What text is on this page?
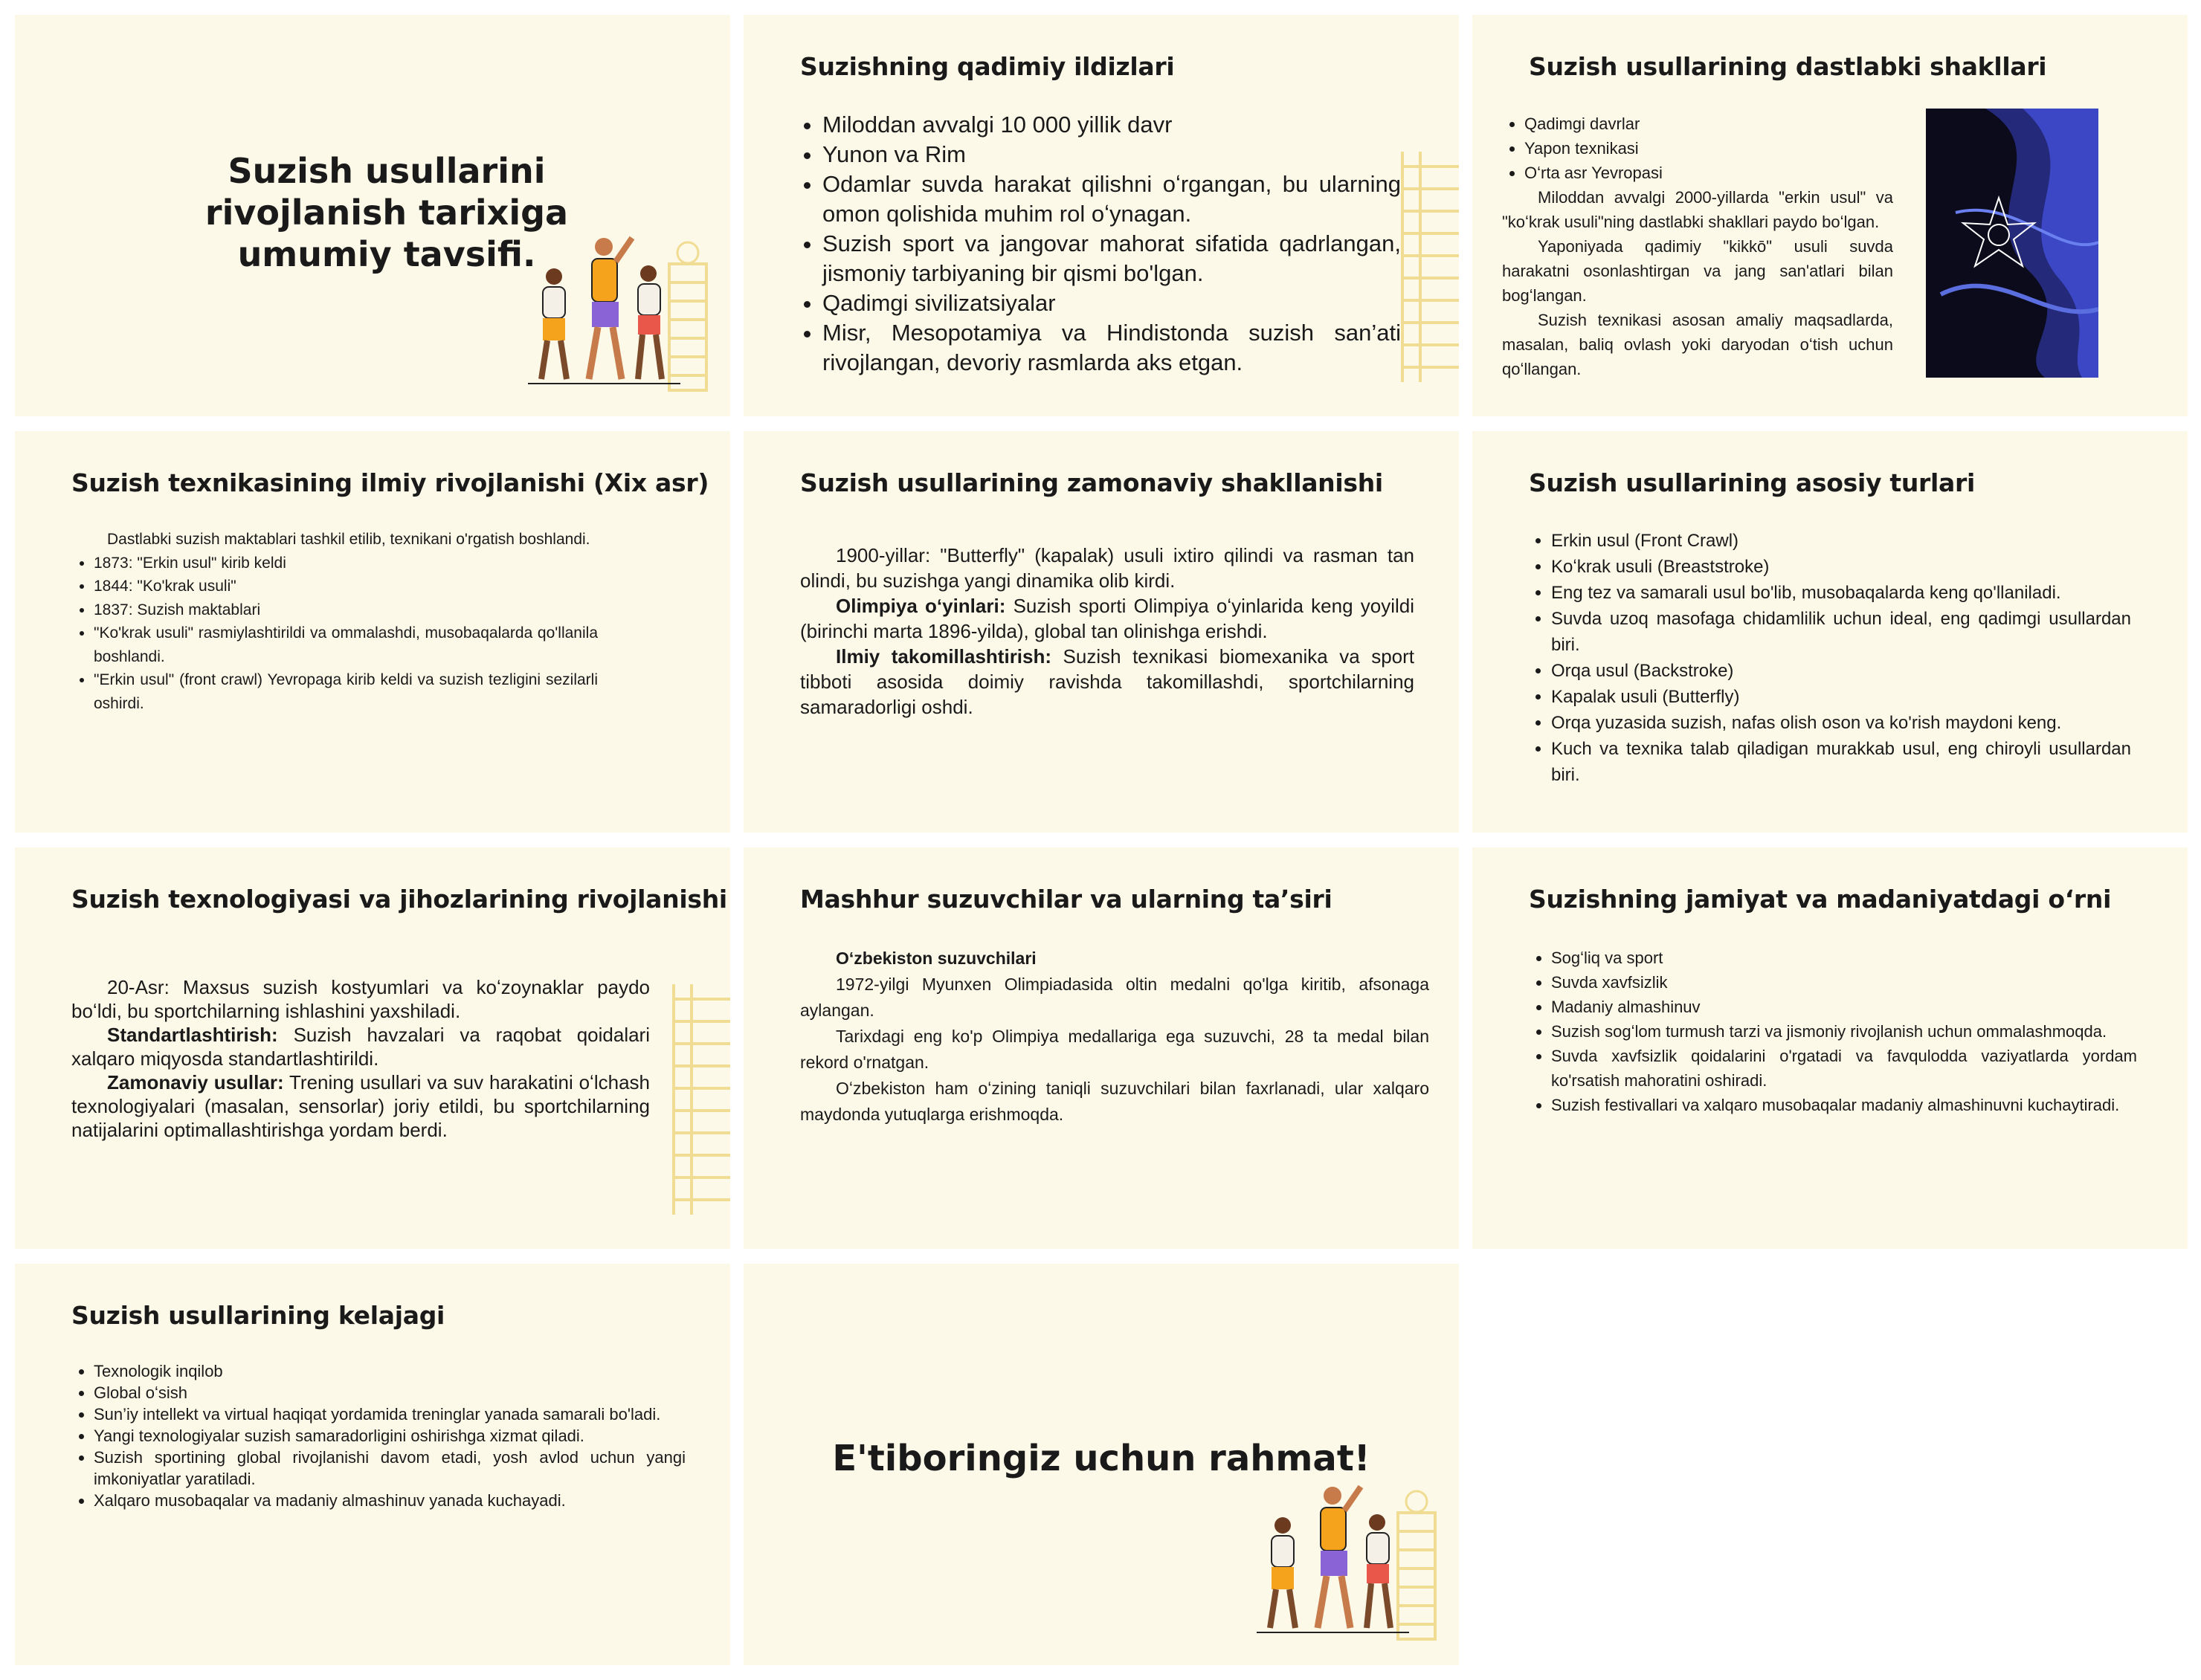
Suzish usullarini rivojlanish tarixiga umumiy tavsifi.
Suzishning qadimiy ildizlari
• Miloddan avvalgi 10 000 yillik davr
• Yunon va Rim
• Odamlar suvda harakat qilishni oʻrgangan, bu ularning omon qolishida muhim rol oʻynagan.
• Suzish sport va jangovar mahorat sifatida qadrlangan, jismoniy tarbiyaning bir qismi bo'lgan.
• Qadimgi sivilizatsiyalar
• Misr, Mesopotamiya va Hindistonda suzish san’ati rivojlangan, devoriy rasmlarda aks etgan.
Suzish usullarining dastlabki shakllari
• Qadimgi davrlar
• Yapon texnikasi
• Oʻrta asr Yevropasi

Miloddan avvalgi 2000-yillarda "erkin usul" va "koʻkrak usuli"ning dastlabki shakllari paydo boʻlgan.

Yaponiyada qadimiy "kikkō" usuli suvda harakatni osonlashtirgan va jang san'atlari bilan bogʻlangan.

Suzish texnikasi asosan amaliy maqsadlarda, masalan, baliq ovlash yoki daryodan oʻtish uchun qoʻllangan.

Suzish texnikasining ilmiy rivojlanishi (Xix asr)

Dastlabki suzish maktablari tashkil etilib, texnikani o'rgatish boshlandi.

• 1873: "Erkin usul" kirib keldi
• 1844: "Ko'krak usuli"
• 1837: Suzish maktablari
• "Ko'krak usuli" rasmiylashtirildi va ommalashdi, musobaqalarda qo'llanila boshlandi.
• "Erkin usul" (front crawl) Yevropaga kirib keldi va suzish tezligini sezilarli oshirdi.
Suzish usullarining zamonaviy shakllanishi

1900-yillar: "Butterfly" (kapalak) usuli ixtiro qilindi va rasman tan olindi, bu suzishga yangi dinamika olib kirdi.

Olimpiya oʻyinlari: Suzish sporti Olimpiya oʻyinlarida keng yoyildi (birinchi marta 1896-yilda), global tan olinishga erishdi.

Ilmiy takomillashtirish: Suzish texnikasi biomexanika va sport tibboti asosida doimiy ravishda takomillashdi, sportchilarning samaradorligi oshdi.

Suzish usullarining asosiy turlari
• Erkin usul (Front Crawl)
• Koʻkrak usuli (Breaststroke)
• Eng tez va samarali usul bo'lib, musobaqalarda keng qo'llaniladi.
• Suvda uzoq masofaga chidamlilik uchun ideal, eng qadimgi usullardan biri.
• Orqa usul (Backstroke)
• Kapalak usuli (Butterfly)
• Orqa yuzasida suzish, nafas olish oson va ko'rish maydoni keng.
• Kuch va texnika talab qiladigan murakkab usul, eng chiroyli usullardan biri.
Suzish texnologiyasi va jihozlarining rivojlanishi

20-Asr: Maxsus suzish kostyumlari va koʻzoynaklar paydo boʻldi, bu sportchilarning ishlashini yaxshiladi.

Standartlashtirish: Suzish havzalari va raqobat qoidalari xalqaro miqyosda standartlashtirildi.

Zamonaviy usullar: Trening usullari va suv harakatini oʻlchash texnologiyalari (masalan, sensorlar) joriy etildi, bu sportchilarning natijalarini optimallashtirishga yordam berdi.

Mashhur suzuvchilar va ularning ta’siri

Oʻzbekiston suzuvchilari

1972-yilgi Myunxen Olimpiadasida oltin medalni qo'lga kiritib, afsonaga aylangan.

Tarixdagi eng ko'p Olimpiya medallariga ega suzuvchi, 28 ta medal bilan rekord o'rnatgan.

Oʻzbekiston ham oʻzining taniqli suzuvchilari bilan faxrlanadi, ular xalqaro maydonda yutuqlarga erishmoqda.

Suzishning jamiyat va madaniyatdagi oʻrni
• Sogʻliq va sport
• Suvda xavfsizlik
• Madaniy almashinuv
• Suzish sogʻlom turmush tarzi va jismoniy rivojlanish uchun ommalashmoqda.
• Suvda xavfsizlik qoidalarini o'rgatadi va favqulodda vaziyatlarda yordam ko'rsatish mahoratini oshiradi.
• Suzish festivallari va xalqaro musobaqalar madaniy almashinuvni kuchaytiradi.
Suzish usullarining kelajagi
• Texnologik inqilob
• Global oʻsish
• Sun’iy intellekt va virtual haqiqat yordamida treninglar yanada samarali bo'ladi.
• Yangi texnologiyalar suzish samaradorligini oshirishga xizmat qiladi.
• Suzish sportining global rivojlanishi davom etadi, yosh avlod uchun yangi imkoniyatlar yaratiladi.
• Xalqaro musobaqalar va madaniy almashinuv yanada kuchayadi.
E'tiboringiz uchun rahmat!
